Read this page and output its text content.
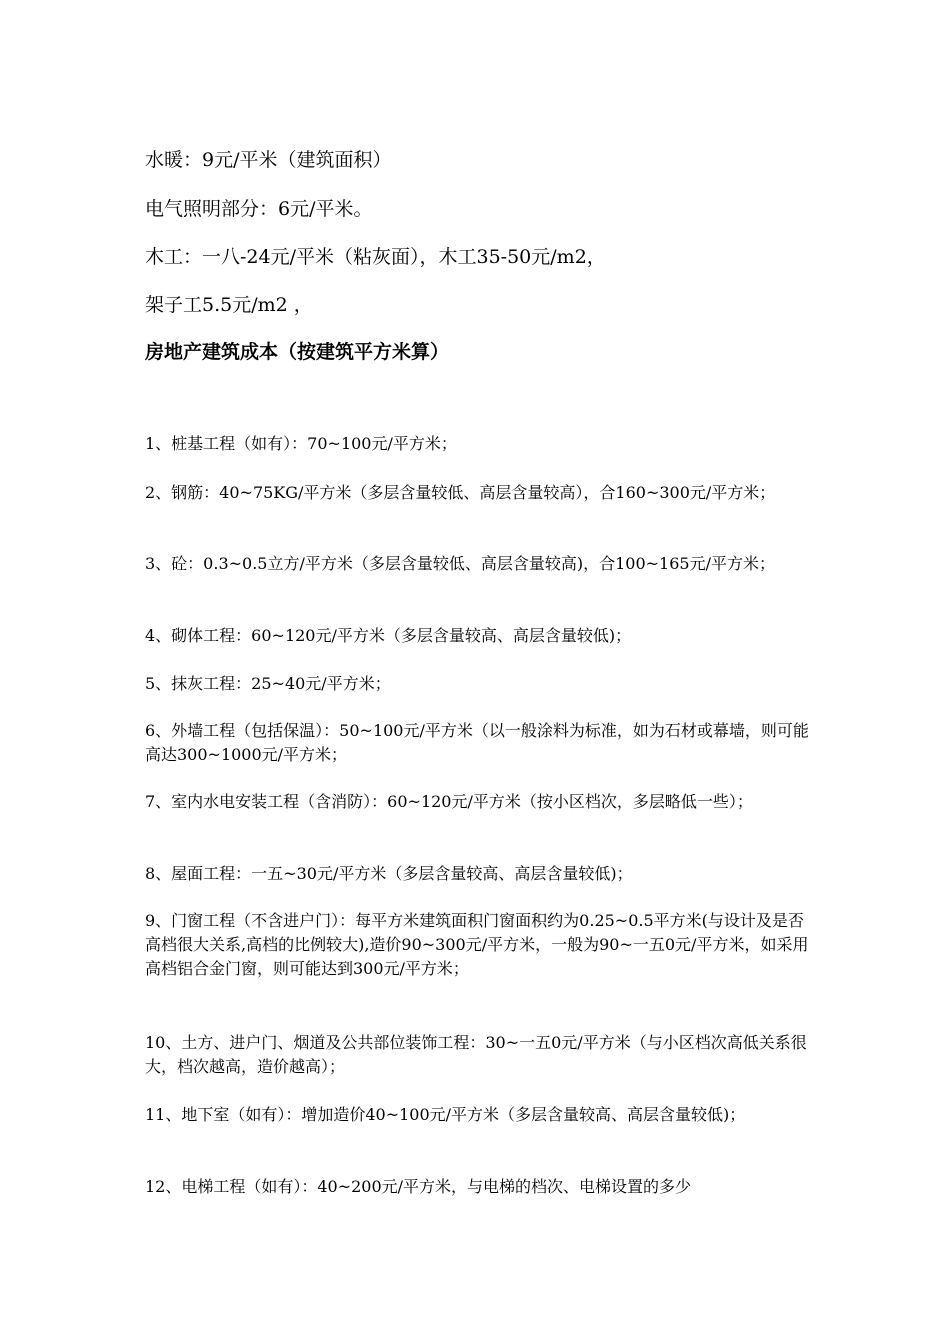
水暖：9元/平米（建筑面积）
电气照明部分：6元/平米。
木工：一八-24元/平米（粘灰面），木工35-50元/m2，
架子工5.5元/m2 ，
房地产建筑成本（按建筑平方米算）
1、桩基工程（如有）：70~100元/平方米；
2、钢筋：40~75KG/平方米（多层含量较低、高层含量较高），合160~300元/平方米；
3、砼：0.3~0.5立方/平方米（多层含量较低、高层含量较高)，合100~165元/平方米；
4、砌体工程：60~120元/平方米（多层含量较高、高层含量较低)；
5、抹灰工程：25~40元/平方米；
6、外墙工程（包括保温）：50~100元/平方米（以一般涂料为标准，如为石材或幕墙，则可能高达300~1000元/平方米；
7、室内水电安装工程（含消防）：60~120元/平方米（按小区档次，多层略低一些）；
8、屋面工程：一五~30元/平方米（多层含量较高、高层含量较低)；
9、门窗工程（不含进户门）：每平方米建筑面积门窗面积约为0.25~0.5平方米(与设计及是否高档很大关系,高档的比例较大),造价90~300元/平方米，一般为90~一五0元/平方米，如采用高档铝合金门窗，则可能达到300元/平方米；
10、土方、进户门、烟道及公共部位装饰工程：30~一五0元/平方米（与小区档次高低关系很大，档次越高，造价越高）；
11、地下室（如有）：增加造价40~100元/平方米（多层含量较高、高层含量较低)；
12、电梯工程（如有）：40~200元/平方米，与电梯的档次、电梯设置的多少
